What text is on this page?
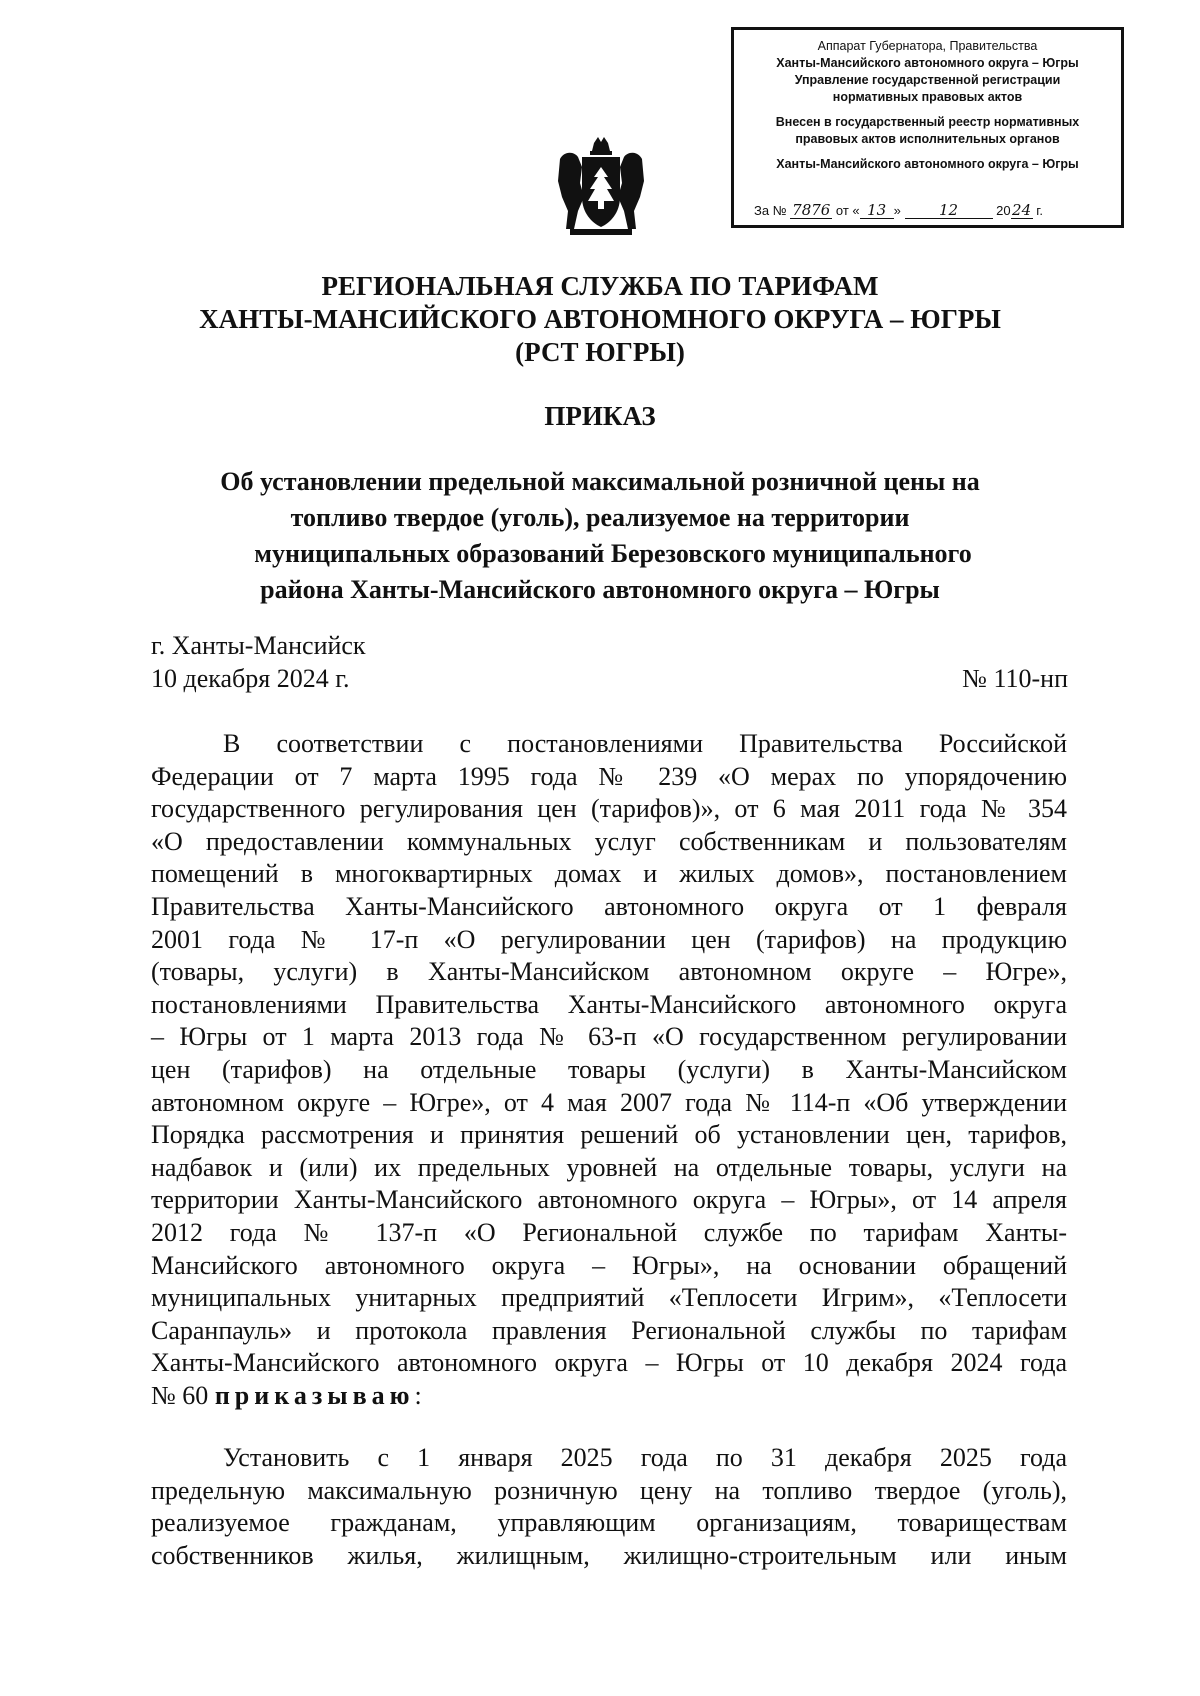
Аппарат Губернатора, Правительства
Ханты-Мансийского автономного округа – Югры
Управление государственной регистрации
нормативных правовых актов
Внесен в государственный реестр нормативных
правовых актов исполнительных органов
Ханты-Мансийского автономного округа – Югры
За № 7876 от « 13 »	12	2024 г.
РЕГИОНАЛЬНАЯ СЛУЖБА ПО ТАРИФАМ
ХАНТЫ-МАНСИЙСКОГО АВТОНОМНОГО ОКРУГА – ЮГРЫ
(РСТ ЮГРЫ)
ПРИКАЗ
Об установлении предельной максимальной розничной цены на
топливо твердое (уголь), реализуемое на территории
муниципальных образований Березовского муниципального
района Ханты-Мансийского автономного округа – Югры
г. Ханты-Мансийск
10 декабря 2024 г.	№ 110-нп
В соответствии с постановлениями Правительства Российской
Федерации от 7 марта 1995 года № 239 «О мерах по упорядочению
государственного регулирования цен (тарифов)», от 6 мая 2011 года № 354
«О предоставлении коммунальных услуг собственникам и пользователям
помещений в многоквартирных домах и жилых домов», постановлением
Правительства Ханты-Мансийского автономного округа от 1 февраля
2001 года № 17-п «О регулировании цен (тарифов) на продукцию
(товары, услуги) в Ханты-Мансийском автономном округе – Югре»,
постановлениями Правительства Ханты-Мансийского автономного округа
– Югры от 1 марта 2013 года № 63-п «О государственном регулировании
цен (тарифов) на отдельные товары (услуги) в Ханты-Мансийском
автономном округе – Югре», от 4 мая 2007 года № 114-п «Об утверждении
Порядка рассмотрения и принятия решений об установлении цен, тарифов,
надбавок и (или) их предельных уровней на отдельные товары, услуги на
территории Ханты-Мансийского автономного округа – Югры», от 14 апреля
2012 года № 137-п «О Региональной службе по тарифам Ханты-
Мансийского автономного округа – Югры», на основании обращений
муниципальных унитарных предприятий «Теплосети Игрим», «Теплосети
Саранпауль» и протокола правления Региональной службы по тарифам
Ханты-Мансийского автономного округа – Югры от 10 декабря 2024 года
№ 60 приказываю:
Установить с 1 января 2025 года по 31 декабря 2025 года
предельную максимальную розничную цену на топливо твердое (уголь),
реализуемое гражданам, управляющим организациям, товариществам
собственников жилья, жилищным, жилищно-строительным или иным
